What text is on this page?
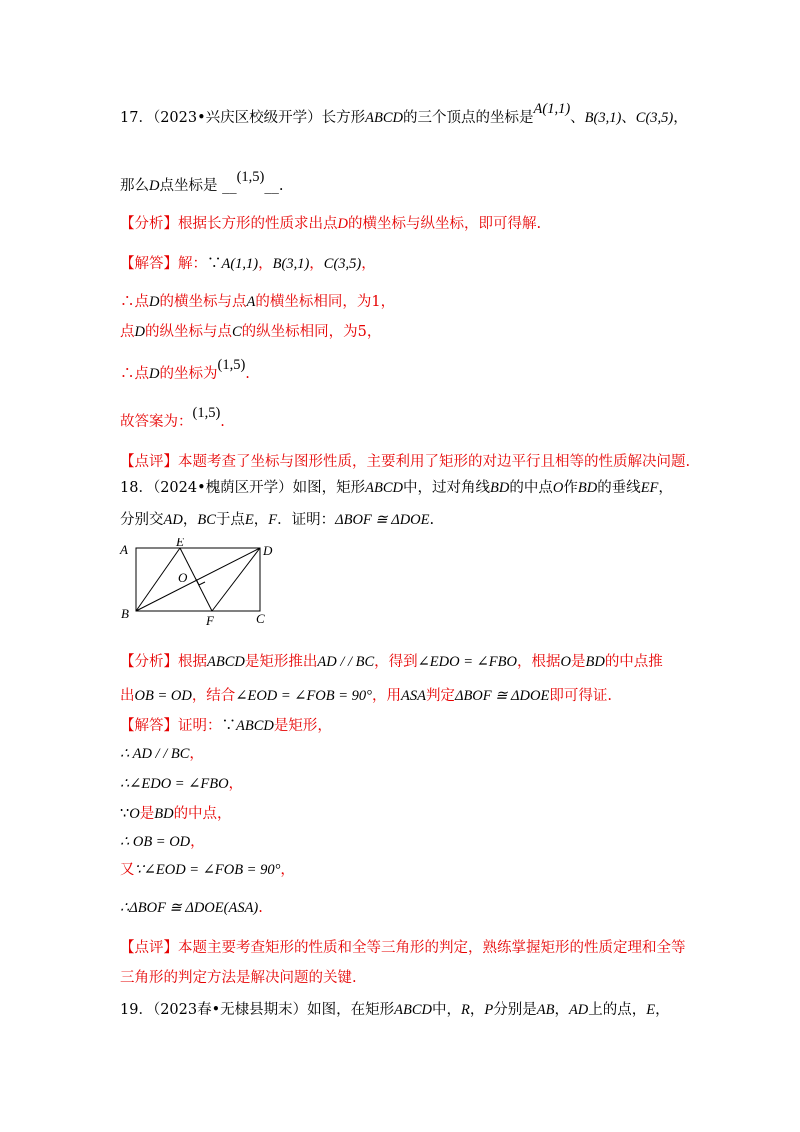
17．（2023•兴庆区校级开学）长方形ABCD的三个顶点的坐标是A(1,1)、B(3,1)、C(3,5)，
那么D点坐标是 __(1,5)__.
【分析】根据长方形的性质求出点D的横坐标与纵坐标，即可得解.
【解答】解：∵A(1,1)，B(3,1)，C(3,5)，
∴点D的横坐标与点A的横坐标相同，为1，
点D的纵坐标与点C的纵坐标相同，为5，
∴点D的坐标为(1,5).
故答案为：(1,5).
【点评】本题考查了坐标与图形性质，主要利用了矩形的对边平行且相等的性质解决问题.
18．（2024•槐荫区开学）如图，矩形ABCD中，过对角线BD的中点O作BD的垂线EF，
分别交AD，BC于点E，F．证明：ΔBOF ≅ ΔDOE.
A
E
D
O
B	F	C
【分析】根据ABCD是矩形推出AD / / BC，得到∠EDO = ∠FBO，根据O是BD的中点推
出OB = OD，结合∠EOD = ∠FOB = 90°，用ASA判定ΔBOF ≅ ΔDOE即可得证.
【解答】证明：∵ABCD是矩形，
∴ AD / / BC，
∴∠EDO = ∠FBO，
∵O是BD的中点，
∴ OB = OD，
又∵∠EOD = ∠FOB = 90°，
∴ΔBOF ≅ ΔDOE(ASA).
【点评】本题主要考查矩形的性质和全等三角形的判定，熟练掌握矩形的性质定理和全等
三角形的判定方法是解决问题的关键.
19．（2023春•无棣县期末）如图，在矩形ABCD中，R，P分别是AB，AD上的点，E，
